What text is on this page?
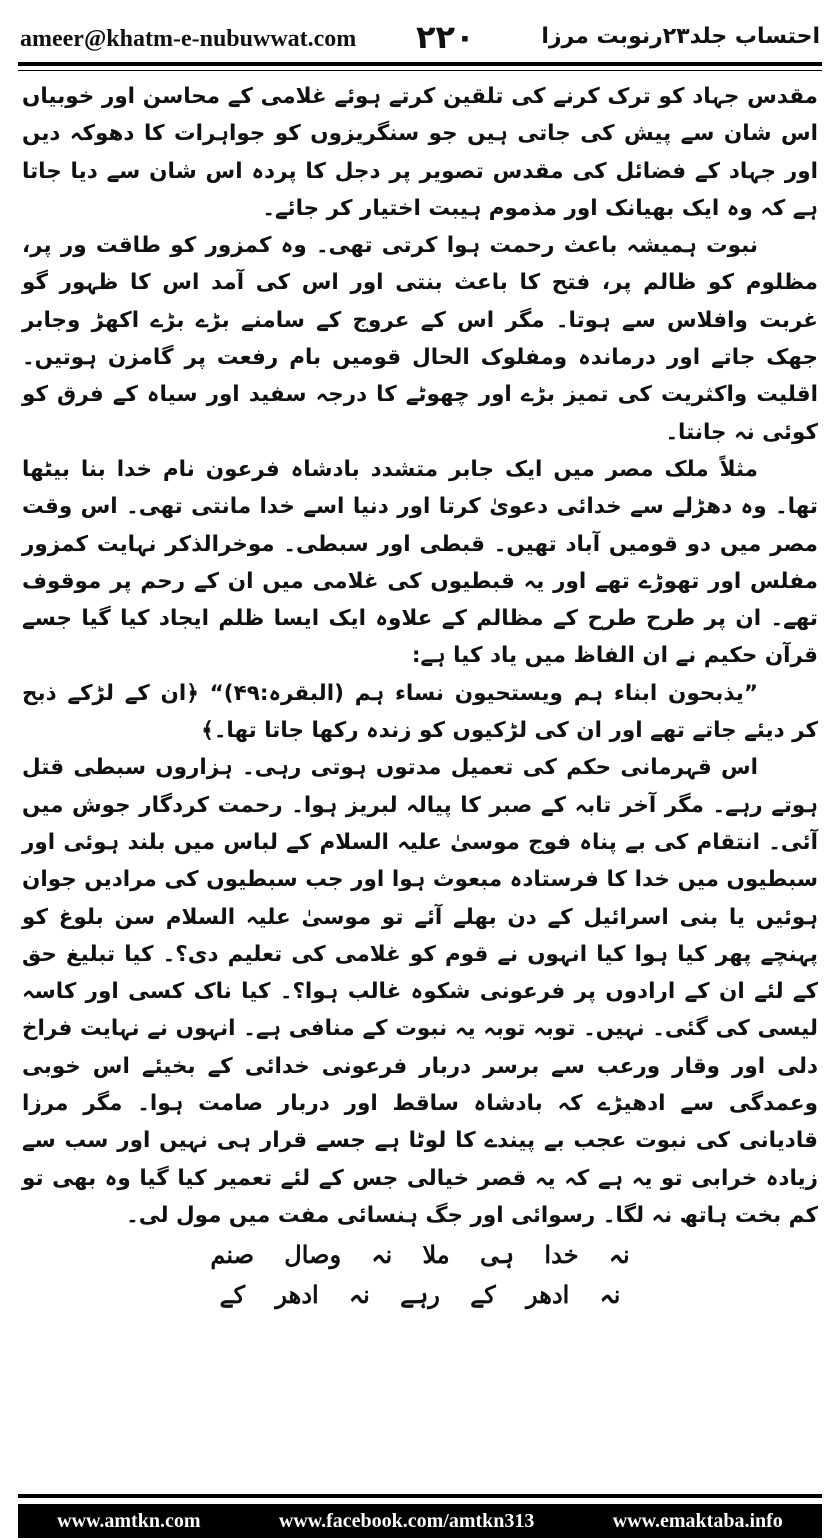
ameer@khatm-e-nubuwwat.com ۲۲۰	احتساب جلد۲۳رنوبت مرزا

مقدس جہاد کو ترک کرنے کی تلقین کرتے ہوئے غلامی کے محاسن اور خوبیاں اس شان سے پیش کی جاتی ہیں جو سنگریزوں کو جواہرات کا دھوکہ دیں اور جہاد کے فضائل کی مقدس تصویر پر دجل کا پردہ اس شان سے دیا جاتا ہے کہ وہ ایک بھیانک اور مذموم ہیبت اختیار کر جائے۔

نبوت ہمیشہ باعث رحمت ہوا کرتی تھی۔ وہ کمزور کو طاقت ور پر، مظلوم کو ظالم پر، فتح کا باعث بنتی اور اس کی آمد اس کا ظہور گو غربت وافلاس سے ہوتا۔ مگر اس کے عروج کے سامنے بڑے بڑے اکھڑ وجابر جھک جاتے اور درماندہ ومفلوک الحال قومیں بام رفعت پر گامزن ہوتیں۔ اقلیت واکثریت کی تمیز بڑے اور چھوٹے کا درجہ سفید اور سیاہ کے فرق کو کوئی نہ جانتا۔

مثلاً ملک مصر میں ایک جابر متشدد بادشاہ فرعون نام خدا بنا بیٹھا تھا۔ وہ دھڑلے سے خدائی دعویٰ کرتا اور دنیا اسے خدا مانتی تھی۔ اس وقت مصر میں دو قومیں آباد تھیں۔ قبطی اور سبطی۔ موخرالذکر نہایت کمزور مفلس اور تھوڑے تھے اور یہ قبطیوں کی غلامی میں ان کے رحم پر موقوف تھے۔ ان پر طرح طرح کے مظالم کے علاوہ ایک ایسا ظلم ایجاد کیا گیا جسے قرآن حکیم نے ان الفاظ میں یاد کیا ہے:

”یذبحون ابناء ہم ویستحیون نساء ہم (البقرہ:۴۹)“ ﴿ان کے لڑکے ذبح کر دیئے جاتے تھے اور ان کی لڑکیوں کو زندہ رکھا جاتا تھا۔﴾

اس قہرمانی حکم کی تعمیل مدتوں ہوتی رہی۔ ہزاروں سبطی قتل ہوتے رہے۔ مگر آخر تابہ کے صبر کا پیالہ لبریز ہوا۔ رحمت کردگار جوش میں آئی۔ انتقام کی بے پناہ فوج موسیٰ علیہ السلام کے لباس میں بلند ہوئی اور سبطیوں میں خدا کا فرستادہ مبعوث ہوا اور جب سبطیوں کی مرادیں جوان ہوئیں یا بنی اسرائیل کے دن بھلے آئے تو موسیٰ علیہ السلام سن بلوغ کو پہنچے پھر کیا ہوا کیا انہوں نے قوم کو غلامی کی تعلیم دی؟۔ کیا تبلیغ حق کے لئے ان کے ارادوں پر فرعونی شکوہ غالب ہوا؟۔ کیا ناک کسی اور کاسہ لیسی کی گئی۔ نہیں۔ توبہ توبہ یہ نبوت کے منافی ہے۔ انہوں نے نہایت فراخ دلی اور وقار ورعب سے برسر دربار فرعونی خدائی کے بخیئے اس خوبی وعمدگی سے ادھیڑے کہ بادشاہ ساقط اور دربار صامت ہوا۔ مگر مرزا قادیانی کی نبوت عجب بے پیندے کا لوٹا ہے جسے قرار ہی نہیں اور سب سے زیادہ خرابی تو یہ ہے کہ یہ قصر خیالی جس کے لئے تعمیر کیا گیا وہ بھی تو کم بخت ہاتھ نہ لگا۔ رسوائی اور جگ ہنسائی مفت میں مول لی۔

نہ خدا ہی ملا نہ وصال صنم
نہ ادھر کے رہے نہ ادھر کے
www.amtkn.com	www.facebook.com/amtkn313	www.emaktaba.info
